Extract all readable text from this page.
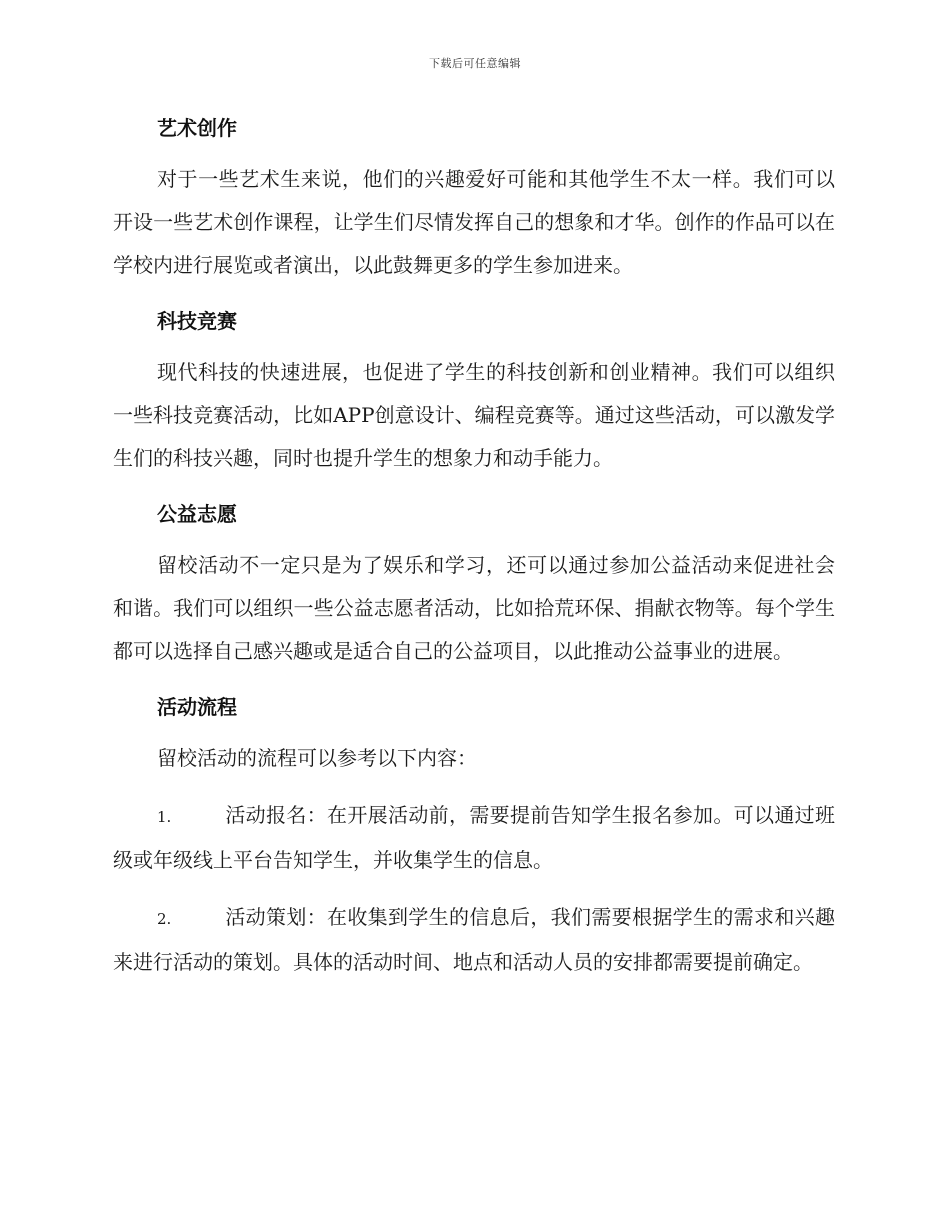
下载后可任意编辑
艺术创作

对于一些艺术生来说，他们的兴趣爱好可能和其他学生不太一样。我们可以开设一些艺术创作课程，让学生们尽情发挥自己的想象和才华。创作的作品可以在学校内进行展览或者演出，以此鼓舞更多的学生参加进来。

科技竞赛

现代科技的快速进展，也促进了学生的科技创新和创业精神。我们可以组织一些科技竞赛活动，比如APP创意设计、编程竞赛等。通过这些活动，可以激发学生们的科技兴趣，同时也提升学生的想象力和动手能力。

公益志愿

留校活动不一定只是为了娱乐和学习，还可以通过参加公益活动来促进社会和谐。我们可以组织一些公益志愿者活动，比如拾荒环保、捐献衣物等。每个学生都可以选择自己感兴趣或是适合自己的公益项目，以此推动公益事业的进展。

活动流程

留校活动的流程可以参考以下内容：

1.	活动报名：在开展活动前，需要提前告知学生报名参加。可以通过班级或年级线上平台告知学生，并收集学生的信息。

2.	活动策划：在收集到学生的信息后，我们需要根据学生的需求和兴趣来进行活动的策划。具体的活动时间、地点和活动人员的安排都需要提前确定。
